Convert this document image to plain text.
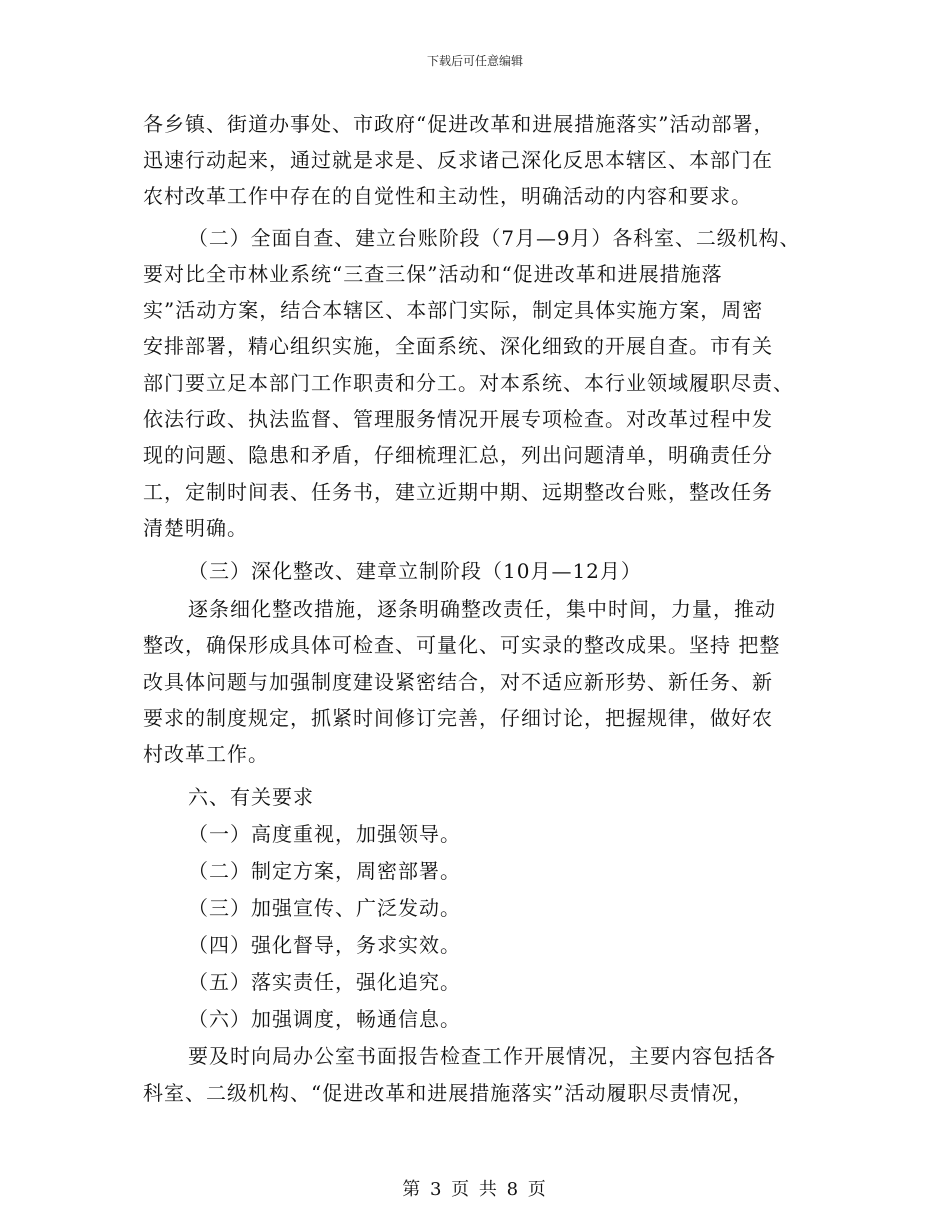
下载后可任意编辑
各乡镇、街道办事处、市政府“促进改革和进展措施落实”活动部署，
迅速行动起来，通过就是求是、反求诸己深化反思本辖区、本部门在
农村改革工作中存在的自觉性和主动性，明确活动的内容和要求。
（二）全面自查、建立台账阶段（7月—9月）各科室、二级机构、
要对比全市林业系统“三查三保”活动和“促进改革和进展措施落
实”活动方案，结合本辖区、本部门实际，制定具体实施方案，周密
安排部署，精心组织实施，全面系统、深化细致的开展自查。市有关
部门要立足本部门工作职责和分工。对本系统、本行业领域履职尽责、
依法行政、执法监督、管理服务情况开展专项检查。对改革过程中发
现的问题、隐患和矛盾，仔细梳理汇总，列出问题清单，明确责任分
工，定制时间表、任务书，建立近期中期、远期整改台账，整改任务
清楚明确。
（三）深化整改、建章立制阶段（10月—12月）
逐条细化整改措施，逐条明确整改责任，集中时间，力量，推动
整改，确保形成具体可检查、可量化、可实录的整改成果。坚持 把整
改具体问题与加强制度建设紧密结合，对不适应新形势、新任务、新
要求的制度规定，抓紧时间修订完善，仔细讨论，把握规律，做好农
村改革工作。
六、有关要求
（一）高度重视，加强领导。
（二）制定方案，周密部署。
（三）加强宣传、广泛发动。
（四）强化督导，务求实效。
（五）落实责任，强化追究。
（六）加强调度，畅通信息。
要及时向局办公室书面报告检查工作开展情况，主要内容包括各
科室、二级机构、“促进改革和进展措施落实”活动履职尽责情况，
第 3 页 共 8 页
